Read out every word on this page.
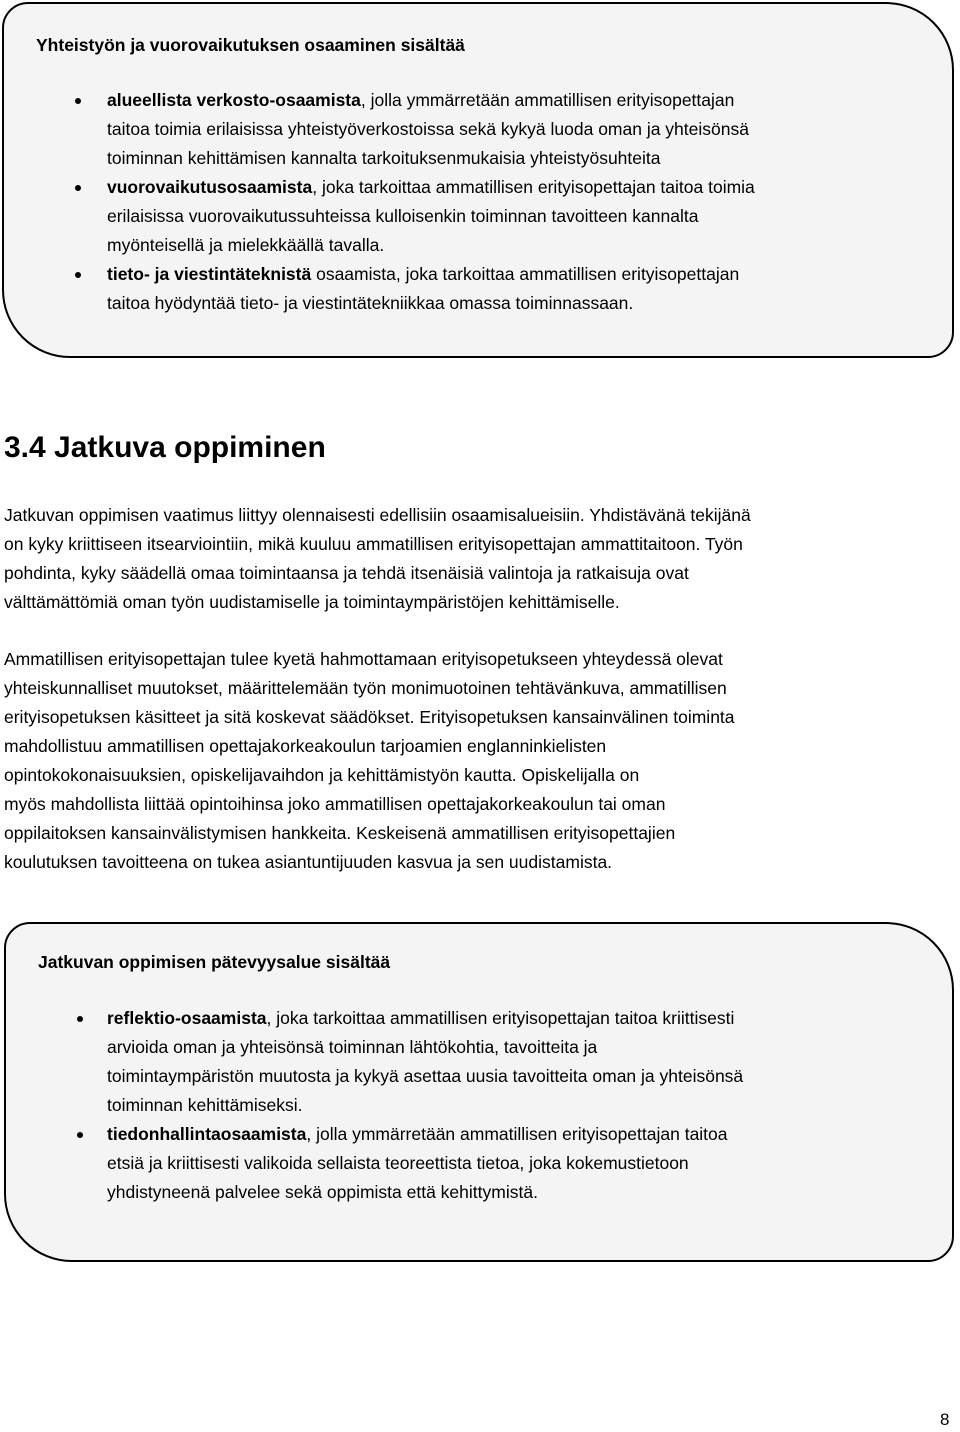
Yhteistyön ja vuorovaikutuksen osaaminen sisältää
alueellista verkosto-osaamista, jolla ymmärretään ammatillisen erityisopettajan
taitoa toimia erilaisissa yhteistyöverkostoissa sekä kykyä luoda oman ja yhteisönsä
toiminnan kehittämisen kannalta tarkoituksenmukaisia yhteistyösuhteita
vuorovaikutusosaamista, joka tarkoittaa ammatillisen erityisopettajan taitoa toimia
erilaisissa vuorovaikutussuhteissa kulloisenkin toiminnan tavoitteen kannalta
myönteisellä ja mielekkäällä tavalla.
tieto- ja viestintäteknistä osaamista, joka tarkoittaa ammatillisen erityisopettajan
taitoa hyödyntää tieto- ja viestintätekniikkaa omassa toiminnassaan.
3.4 Jatkuva oppiminen

Jatkuvan oppimisen vaatimus liittyy olennaisesti edellisiin osaamisalueisiin. Yhdistävänä tekijänä
on kyky kriittiseen itsearviointiin, mikä kuuluu ammatillisen erityisopettajan ammattitaitoon. Työn
pohdinta, kyky säädellä omaa toimintaansa ja tehdä itsenäisiä valintoja ja ratkaisuja ovat
välttämättömiä oman työn uudistamiselle ja toimintaympäristöjen kehittämiselle.

Ammatillisen erityisopettajan tulee kyetä hahmottamaan erityisopetukseen yhteydessä olevat
yhteiskunnalliset muutokset, määrittelemään työn monimuotoinen tehtävänkuva, ammatillisen
erityisopetuksen käsitteet ja sitä koskevat säädökset. Erityisopetuksen kansainvälinen toiminta
mahdollistuu ammatillisen opettajakorkeakoulun tarjoamien englanninkielisten
opintokokonaisuuksien, opiskelijavaihdon ja kehittämistyön kautta. Opiskelijalla on
myös mahdollista liittää opintoihinsa joko ammatillisen opettajakorkeakoulun tai oman
oppilaitoksen kansainvälistymisen hankkeita. Keskeisenä ammatillisen erityisopettajien
koulutuksen tavoitteena on tukea asiantuntijuuden kasvua ja sen uudistamista.

Jatkuvan oppimisen pätevyysalue sisältää
reflektio-osaamista, joka tarkoittaa ammatillisen erityisopettajan taitoa kriittisesti
arvioida oman ja yhteisönsä toiminnan lähtökohtia, tavoitteita ja
toimintaympäristön muutosta ja kykyä asettaa uusia tavoitteita oman ja yhteisönsä
toiminnan kehittämiseksi.
tiedonhallintaosaamista, jolla ymmärretään ammatillisen erityisopettajan taitoa
etsiä ja kriittisesti valikoida sellaista teoreettista tietoa, joka kokemustietoon
yhdistyneenä palvelee sekä oppimista että kehittymistä.
8
